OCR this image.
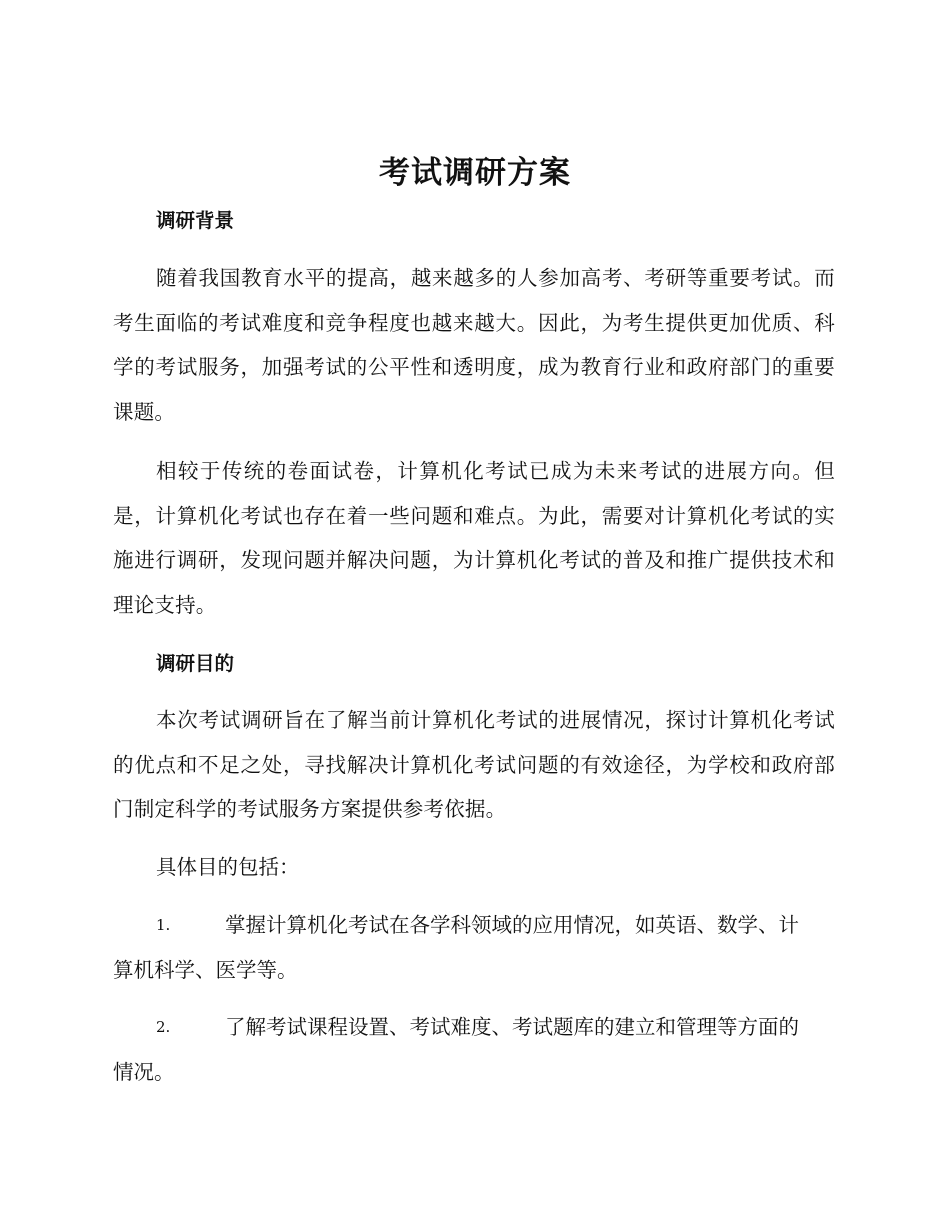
考试调研方案
调研背景

随着我国教育水平的提高，越来越多的人参加高考、考研等重要考试。而考生面临的考试难度和竞争程度也越来越大。因此，为考生提供更加优质、科学的考试服务，加强考试的公平性和透明度，成为教育行业和政府部门的重要课题。

相较于传统的卷面试卷，计算机化考试已成为未来考试的进展方向。但是，计算机化考试也存在着一些问题和难点。为此，需要对计算机化考试的实施进行调研，发现问题并解决问题，为计算机化考试的普及和推广提供技术和理论支持。

调研目的

本次考试调研旨在了解当前计算机化考试的进展情况，探讨计算机化考试的优点和不足之处，寻找解决计算机化考试问题的有效途径，为学校和政府部门制定科学的考试服务方案提供参考依据。

具体目的包括：
1.	掌握计算机化考试在各学科领域的应用情况，如英语、数学、计
算机科学、医学等。
2.	了解考试课程设置、考试难度、考试题库的建立和管理等方面的
情况。
